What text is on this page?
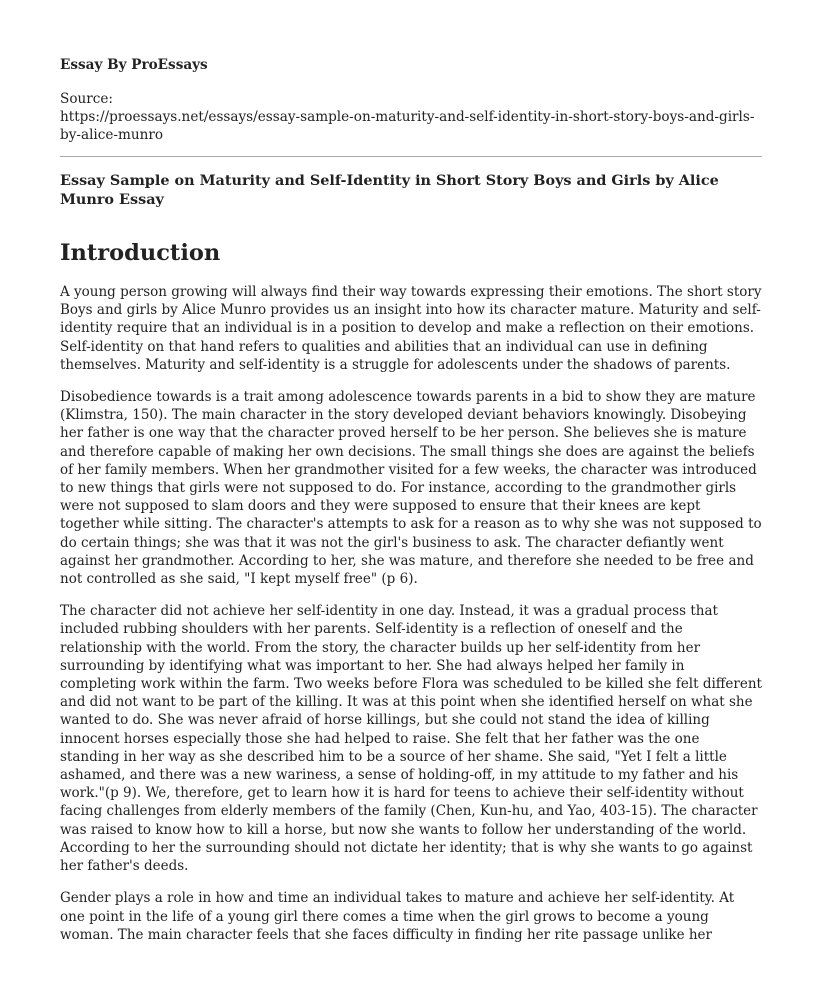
Essay By ProEssays
Source:
https://proessays.net/essays/essay-sample-on-maturity-and-self-identity-in-short-story-boys-and-girls-by-alice-munro
Essay Sample on Maturity and Self-Identity in Short Story Boys and Girls by Alice Munro Essay
Introduction

A young person growing will always find their way towards expressing their emotions. The short story Boys and girls by Alice Munro provides us an insight into how its character mature. Maturity and self-identity require that an individual is in a position to develop and make a reflection on their emotions. Self-identity on that hand refers to qualities and abilities that an individual can use in defining themselves. Maturity and self-identity is a struggle for adolescents under the shadows of parents.

Disobedience towards is a trait among adolescence towards parents in a bid to show they are mature (Klimstra, 150). The main character in the story developed deviant behaviors knowingly. Disobeying her father is one way that the character proved herself to be her person. She believes she is mature and therefore capable of making her own decisions. The small things she does are against the beliefs of her family members. When her grandmother visited for a few weeks, the character was introduced to new things that girls were not supposed to do. For instance, according to the grandmother girls were not supposed to slam doors and they were supposed to ensure that their knees are kept together while sitting. The character's attempts to ask for a reason as to why she was not supposed to do certain things; she was that it was not the girl's business to ask. The character defiantly went against her grandmother. According to her, she was mature, and therefore she needed to be free and not controlled as she said, "I kept myself free" (p 6).

The character did not achieve her self-identity in one day. Instead, it was a gradual process that included rubbing shoulders with her parents. Self-identity is a reflection of oneself and the relationship with the world. From the story, the character builds up her self-identity from her surrounding by identifying what was important to her. She had always helped her family in completing work within the farm. Two weeks before Flora was scheduled to be killed she felt different and did not want to be part of the killing. It was at this point when she identified herself on what she wanted to do. She was never afraid of horse killings, but she could not stand the idea of killing innocent horses especially those she had helped to raise. She felt that her father was the one standing in her way as she described him to be a source of her shame. She said, "Yet I felt a little ashamed, and there was a new wariness, a sense of holding-off, in my attitude to my father and his work."(p 9). We, therefore, get to learn how it is hard for teens to achieve their self-identity without facing challenges from elderly members of the family (Chen, Kun-hu, and Yao, 403-15). The character was raised to know how to kill a horse, but now she wants to follow her understanding of the world. According to her the surrounding should not dictate her identity; that is why she wants to go against her father's deeds.

Gender plays a role in how and time an individual takes to mature and achieve her self-identity. At one point in the life of a young girl there comes a time when the girl grows to become a young woman. The main character feels that she faces difficulty in finding her rite passage unlike her
